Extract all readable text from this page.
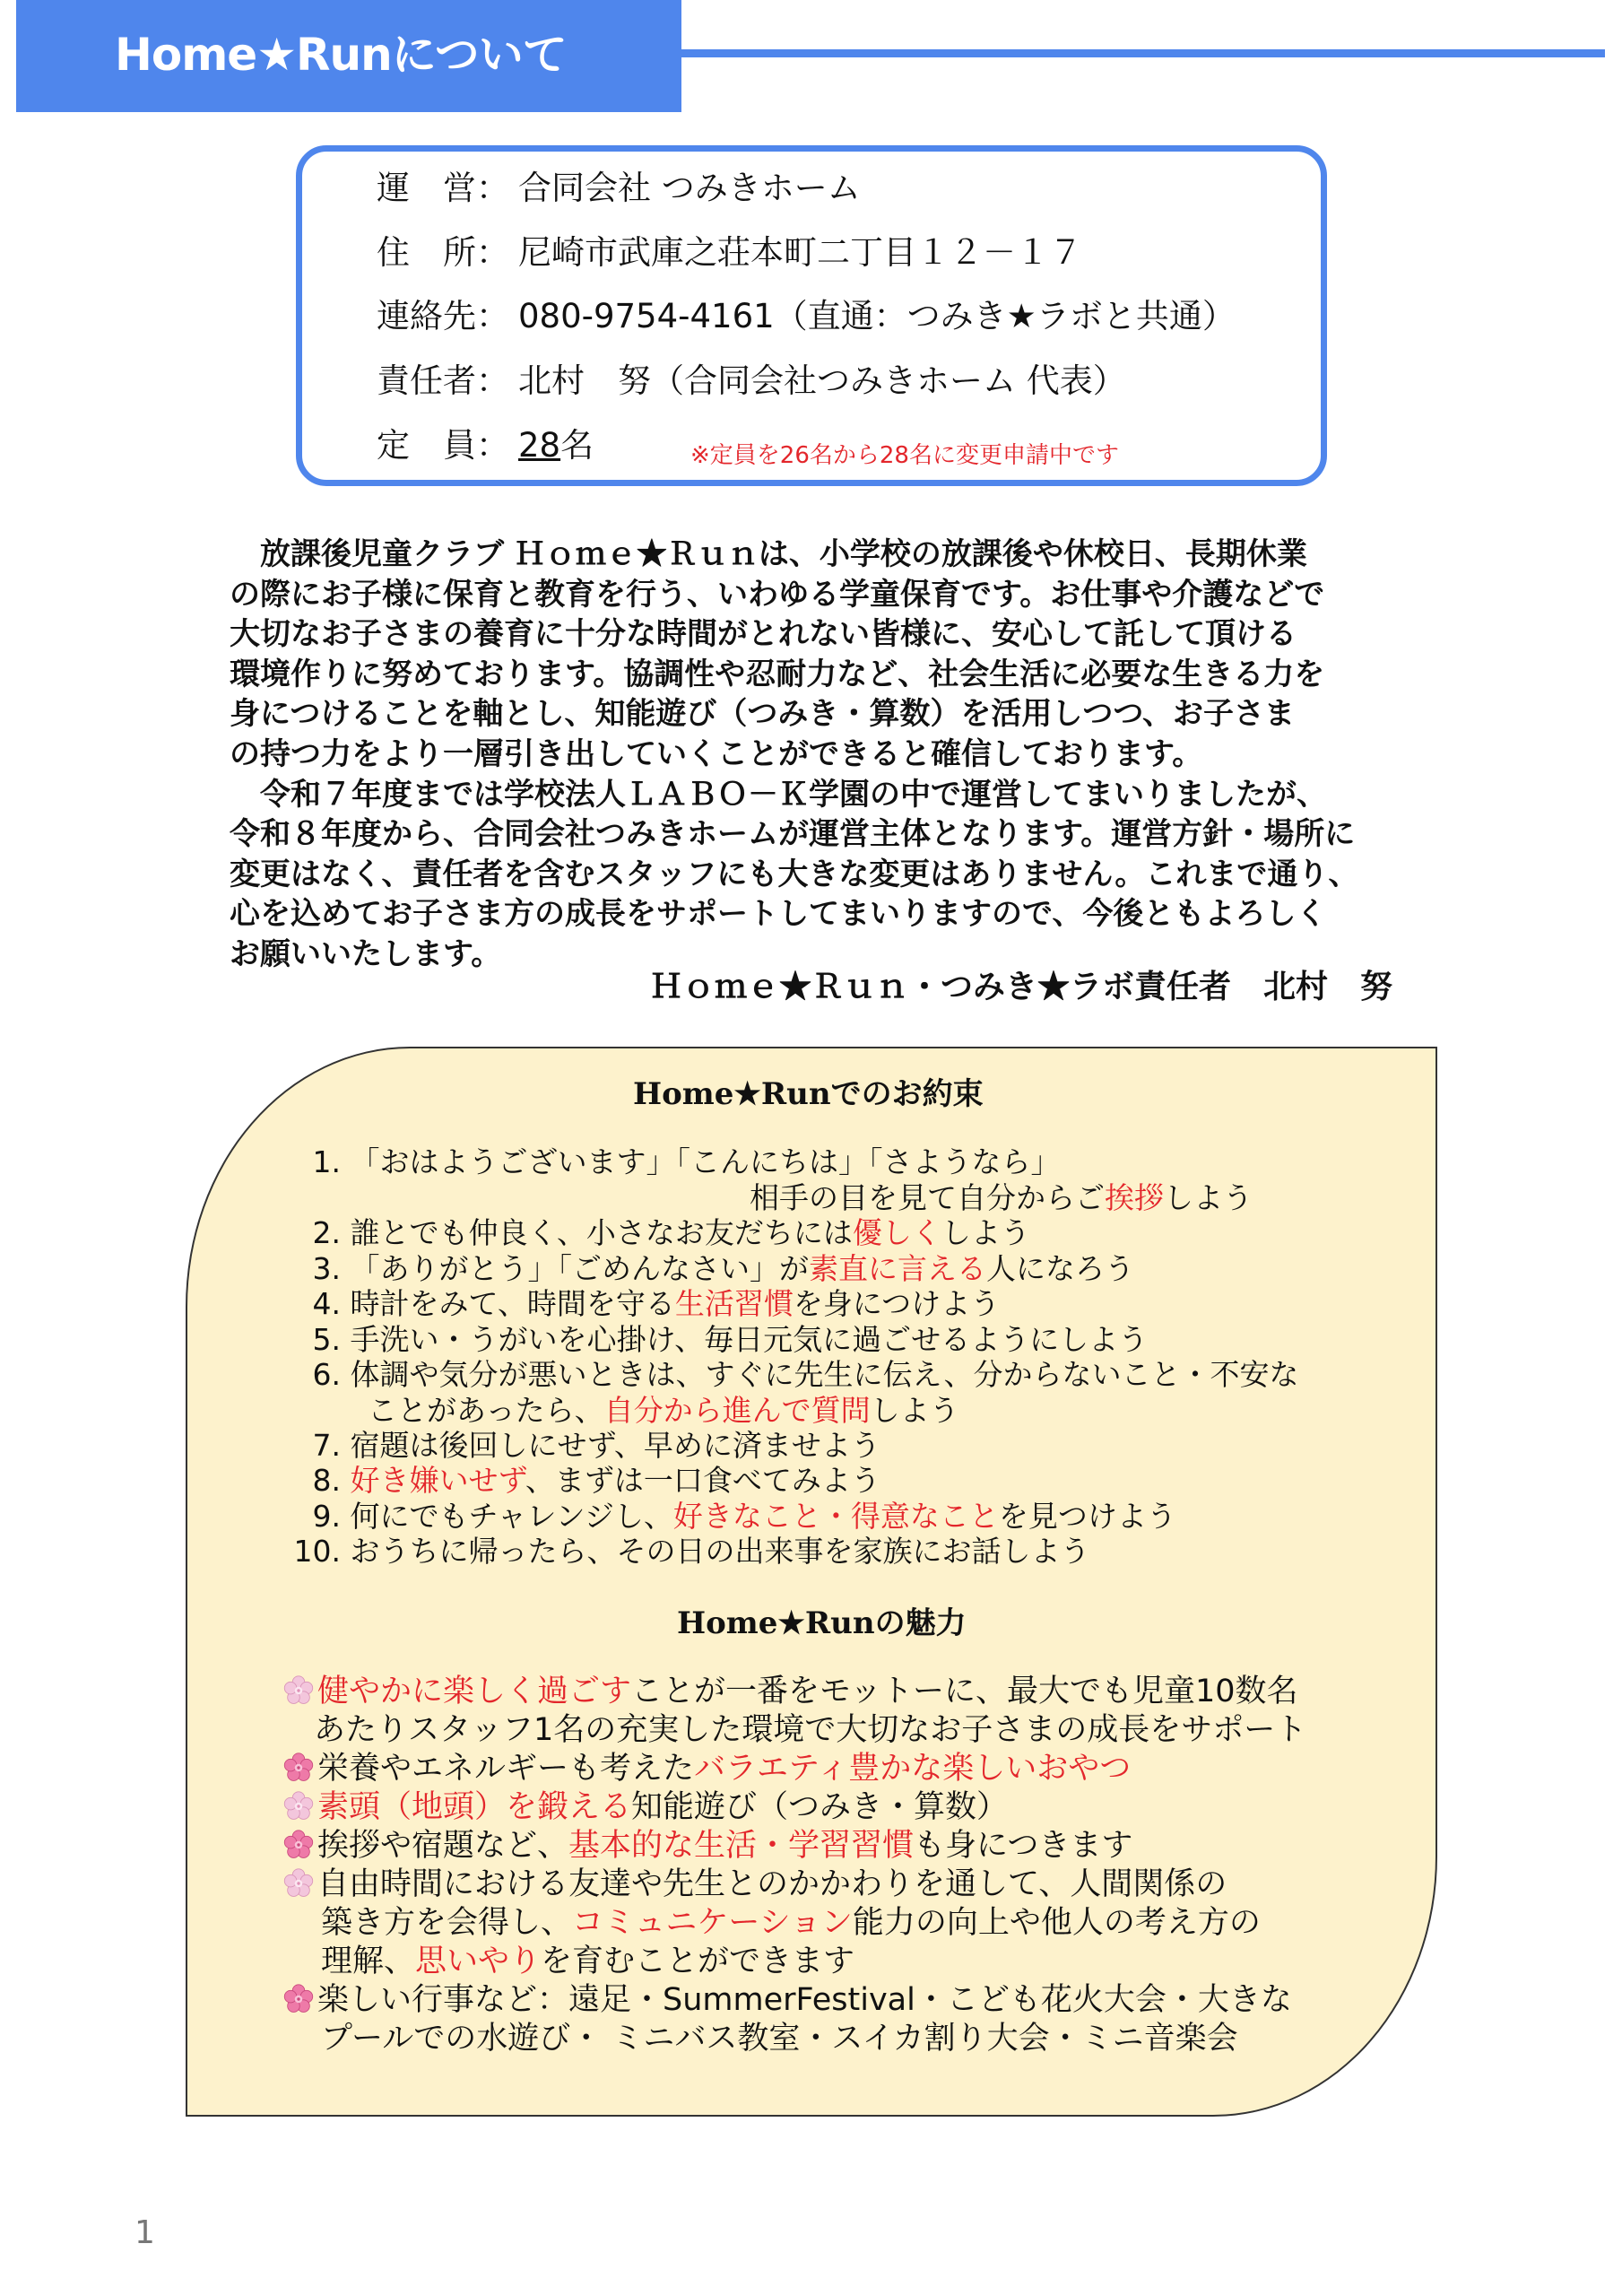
Home★Runについて
運　営： 合同会社 つみきホーム
住　所： 尼崎市武庫之荘本町二丁目１２－１７
連絡先： 080-9754-4161（直通：つみき★ラボと共通）
責任者： 北村　努（合同会社つみきホーム 代表）
定　員： 28名	※定員を26名から28名に変更申請中です

　放課後児童クラブ Ｈｏｍｅ★Ｒｕｎは、小学校の放課後や休校日、長期休業

の際にお子様に保育と教育を行う、いわゆる学童保育です。お仕事や介護などで

大切なお子さまの養育に十分な時間がとれない皆様に、安心して託して頂ける

環境作りに努めております。協調性や忍耐力など、社会生活に必要な生きる力を

身につけることを軸とし、知能遊び（つみき・算数）を活用しつつ、お子さま

の持つ力をより一層引き出していくことができると確信しております。

　令和７年度までは学校法人ＬＡＢＯ－Ｋ学園の中で運営してまいりましたが、

令和８年度から、合同会社つみきホームが運営主体となります。運営方針・場所に

変更はなく、責任者を含むスタッフにも大きな変更はありません。これまで通り、

心を込めてお子さま方の成長をサポートしてまいりますので、今後ともよろしく

お願いいたします。

Ｈｏｍｅ★Ｒｕｎ・つみき★ラボ責任者　北村　努
Home★Runでのお約束
1. 「おはようございます」「こんにちは」「さようなら」
相手の目を見て自分からご挨拶しよう
2. 誰とでも仲良く、小さなお友だちには優しくしよう
3. 「ありがとう」「ごめんなさい」が素直に言える人になろう
4. 時計をみて、時間を守る生活習慣を身につけよう
5. 手洗い・うがいを心掛け、毎日元気に過ごせるようにしよう
6. 体調や気分が悪いときは、すぐに先生に伝え、分からないこと・不安な
ことがあったら、自分から進んで質問しよう
7. 宿題は後回しにせず、早めに済ませよう
8. 好き嫌いせず、まずは一口食べてみよう
9. 何にでもチャレンジし、好きなこと・得意なことを見つけよう
10. おうちに帰ったら、その日の出来事を家族にお話しよう
Home★Runの魅力
健やかに楽しく過ごすことが一番をモットーに、最大でも児童10数名
あたりスタッフ1名の充実した環境で大切なお子さまの成長をサポート
栄養やエネルギーも考えたバラエティ豊かな楽しいおやつ
素頭（地頭）を鍛える知能遊び（つみき・算数）
挨拶や宿題など、基本的な生活・学習習慣も身につきます
自由時間における友達や先生とのかかわりを通して、人間関係の
築き方を会得し、コミュニケーション能力の向上や他人の考え方の
理解、思いやりを育むことができます
楽しい行事など：遠足・SummerFestival・こども花火大会・大きな
プールでの水遊び・ ミニバス教室・スイカ割り大会・ミニ音楽会
1
